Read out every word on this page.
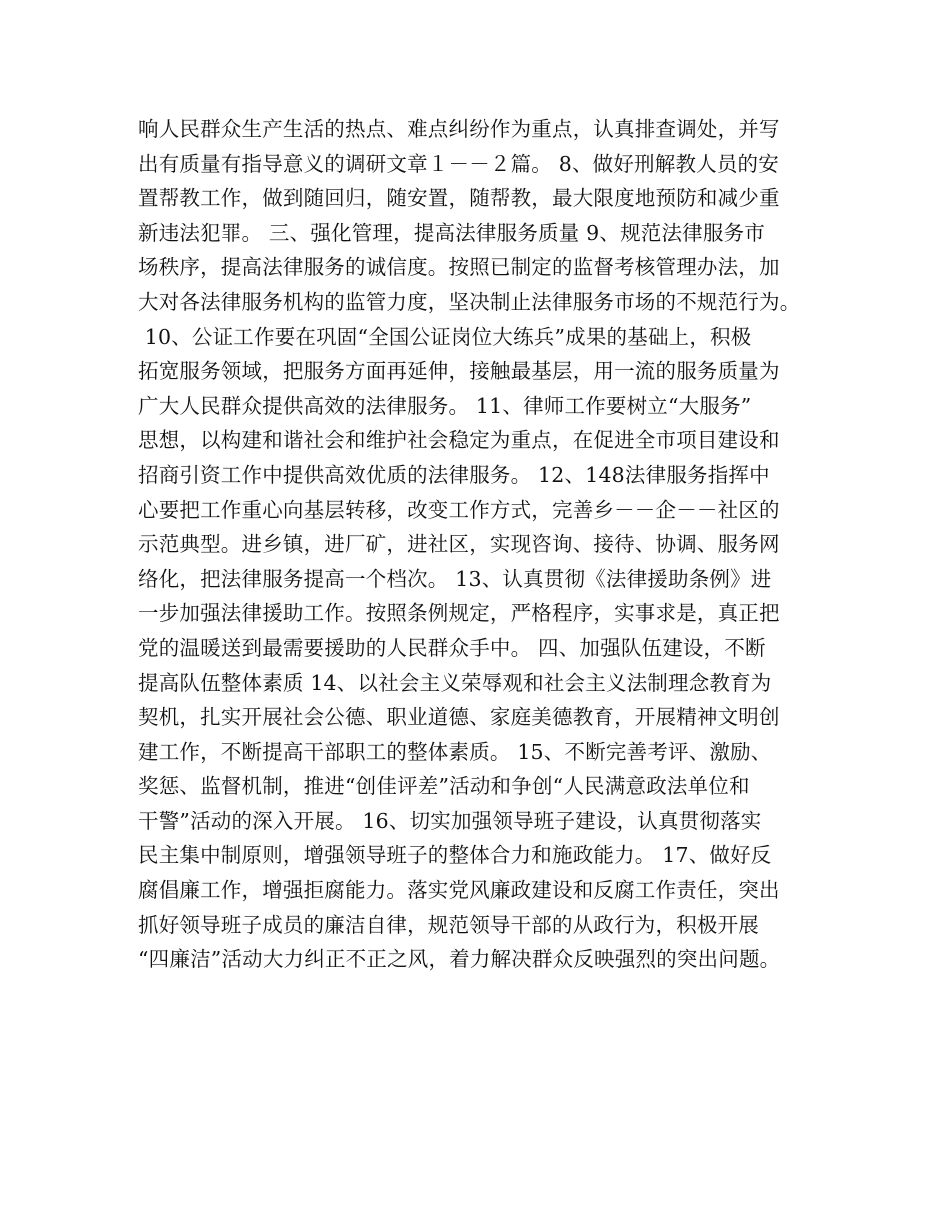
响人民群众生产生活的热点、难点纠纷作为重点，认真排查调处，并写
出有质量有指导意义的调研文章１－－２篇。 8、做好刑解教人员的安
置帮教工作，做到随回归，随安置，随帮教，最大限度地预防和减少重
新违法犯罪。 三、强化管理，提高法律服务质量 9、规范法律服务市
场秩序，提高法律服务的诚信度。按照已制定的监督考核管理办法，加
大对各法律服务机构的监管力度，坚决制止法律服务市场的不规范行为。
10、公证工作要在巩固“全国公证岗位大练兵”成果的基础上，积极
拓宽服务领域，把服务方面再延伸，接触最基层，用一流的服务质量为
广大人民群众提供高效的法律服务。 11、律师工作要树立“大服务”
思想，以构建和谐社会和维护社会稳定为重点，在促进全市项目建设和
招商引资工作中提供高效优质的法律服务。 12、148法律服务指挥中
心要把工作重心向基层转移，改变工作方式，完善乡－－企－－社区的
示范典型。进乡镇，进厂矿，进社区，实现咨询、接待、协调、服务网
络化，把法律服务提高一个档次。 13、认真贯彻《法律援助条例》进
一步加强法律援助工作。按照条例规定，严格程序，实事求是，真正把
党的温暖送到最需要援助的人民群众手中。 四、加强队伍建设，不断
提高队伍整体素质 14、以社会主义荣辱观和社会主义法制理念教育为
契机，扎实开展社会公德、职业道德、家庭美德教育，开展精神文明创
建工作，不断提高干部职工的整体素质。 15、不断完善考评、激励、
奖惩、监督机制，推进“创佳评差”活动和争创“人民满意政法单位和
干警”活动的深入开展。 16、切实加强领导班子建设，认真贯彻落实
民主集中制原则，增强领导班子的整体合力和施政能力。 17、做好反
腐倡廉工作，增强拒腐能力。落实党风廉政建设和反腐工作责任，突出
抓好领导班子成员的廉洁自律，规范领导干部的从政行为，积极开展
“四廉洁”活动大力纠正不正之风，着力解决群众反映强烈的突出问题。
